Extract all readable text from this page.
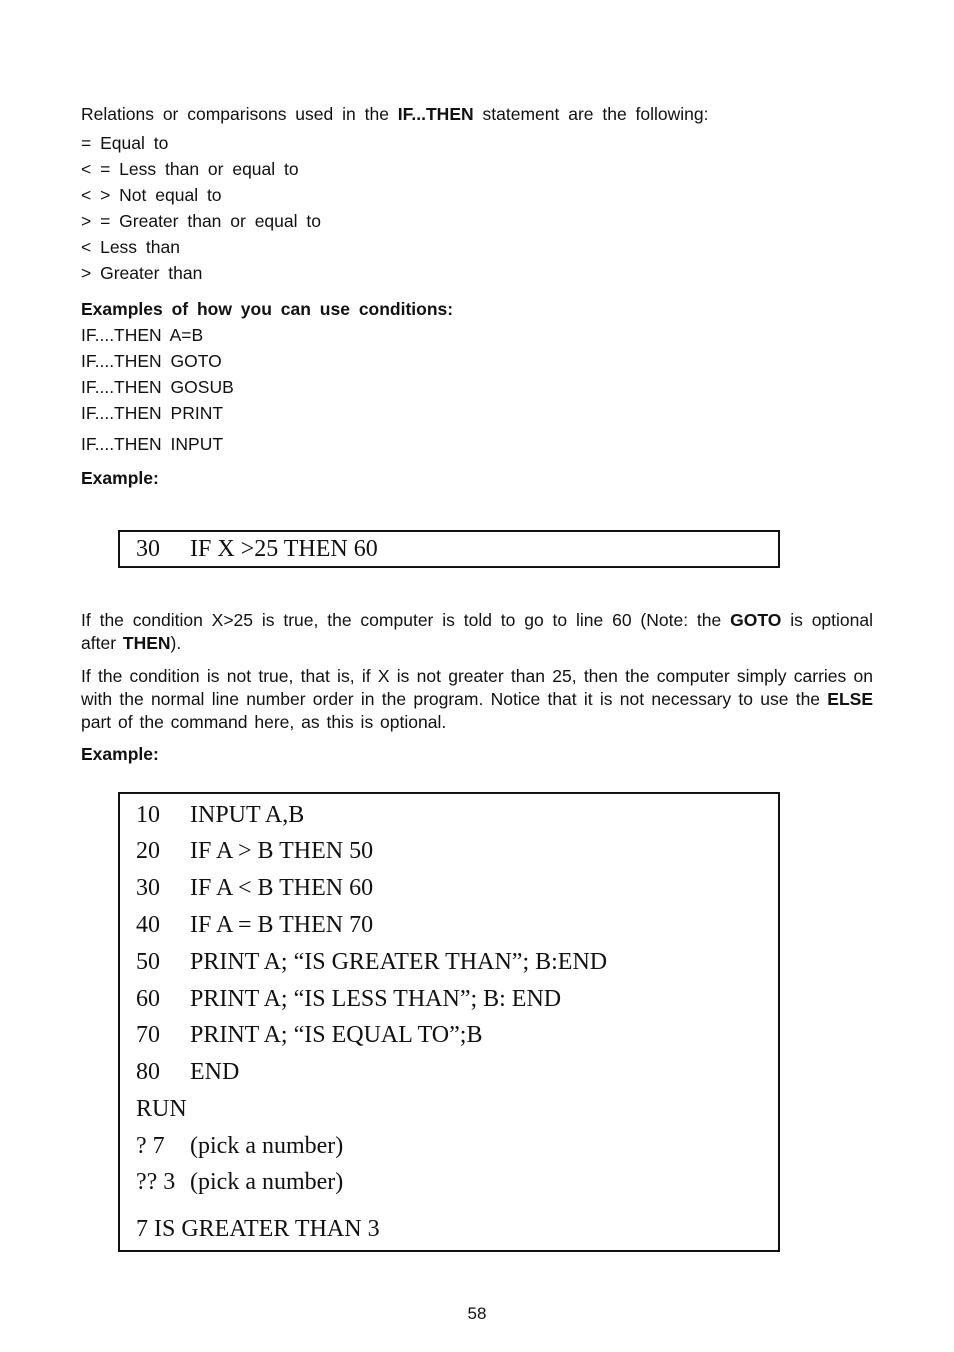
Relations or comparisons used in the IF...THEN statement are the following:
= Equal to
< = Less than or equal to
< > Not equal to
> = Greater than or equal to
< Less than
> Greater than
Examples of how you can use conditions:
IF....THEN A=B
IF....THEN GOTO
IF....THEN GOSUB
IF....THEN PRINT
IF....THEN INPUT
Example:
30 IF X >25 THEN 60
If the condition X>25 is true, the computer is told to go to line 60 (Note: the GOTO is optional after THEN).
If the condition is not true, that is, if X is not greater than 25, then the computer simply carries on with the normal line number order in the program. Notice that it is not necessary to use the ELSE part of the command here, as this is optional.
Example:
10 INPUT A,B
20 IF A > B THEN 50
30 IF A < B THEN 60
40 IF A = B THEN 70
50 PRINT A; “IS GREATER THAN”; B:END
60 PRINT A; “IS LESS THAN”; B: END
70 PRINT A; “IS EQUAL TO”;B
80 END
RUN
? 7 (pick a number)
?? 3 (pick a number)
7 IS GREATER THAN 3
58
